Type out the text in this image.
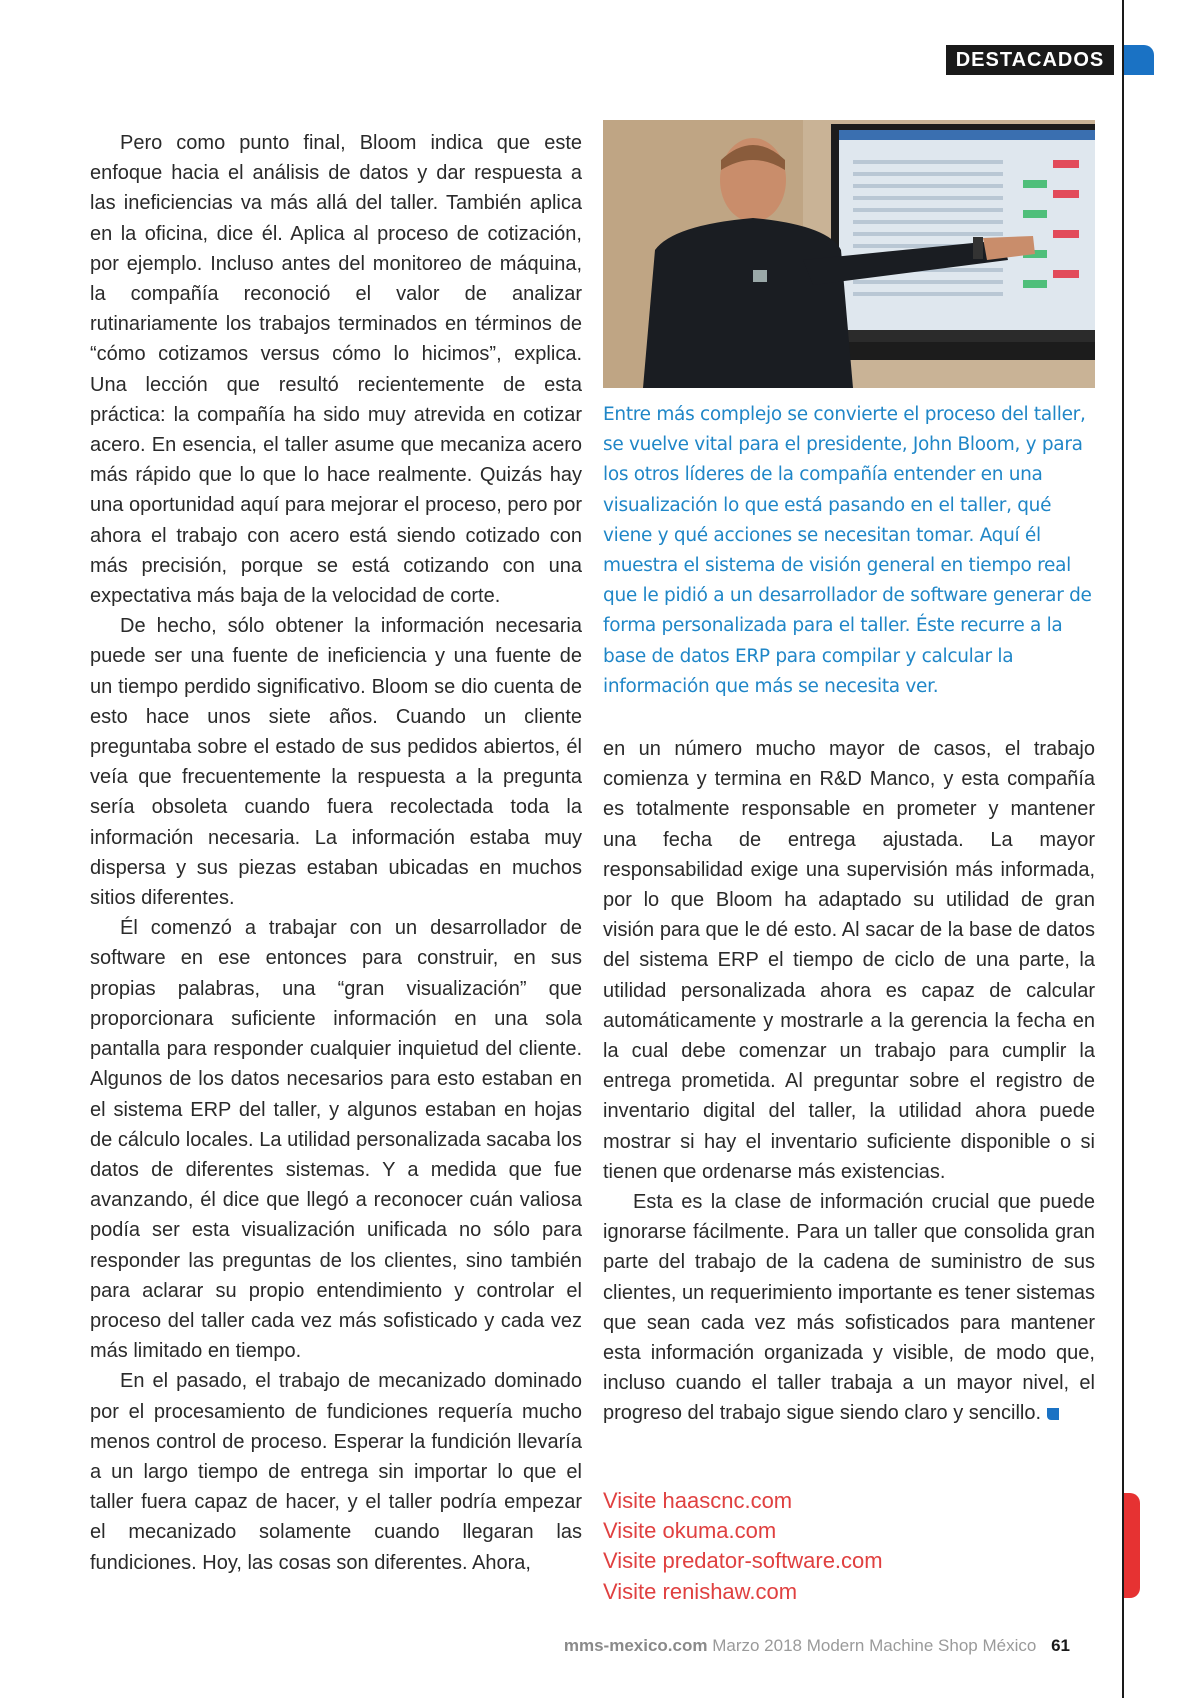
DESTACADOS

Pero como punto final, Bloom indica que este enfoque hacia el análisis de datos y dar respuesta a las ineficiencias va más allá del taller. También aplica en la oficina, dice él. Aplica al proceso de cotización, por ejemplo. Incluso antes del monitoreo de máquina, la compañía reconoció el valor de analizar rutinariamente los trabajos terminados en términos de “cómo cotizamos versus cómo lo hicimos”, explica. Una lección que resultó recientemente de esta práctica: la compañía ha sido muy atrevida en cotizar acero. En esencia, el taller asume que mecaniza acero más rápido que lo que lo hace realmente. Quizás hay una oportunidad aquí para mejorar el proceso, pero por ahora el trabajo con acero está siendo cotizado con más precisión, porque se está cotizando con una expectativa más baja de la velocidad de corte.

De hecho, sólo obtener la información necesaria puede ser una fuente de ineficiencia y una fuente de un tiempo perdido significativo. Bloom se dio cuenta de esto hace unos siete años. Cuando un cliente preguntaba sobre el estado de sus pedidos abiertos, él veía que frecuentemente la respuesta a la pregunta sería obsoleta cuando fuera recolectada toda la información necesaria. La información estaba muy dispersa y sus piezas estaban ubicadas en muchos sitios diferentes.

Él comenzó a trabajar con un desarrollador de software en ese entonces para construir, en sus propias palabras, una “gran visualización” que proporcionara suficiente información en una sola pantalla para responder cualquier inquietud del cliente. Algunos de los datos necesarios para esto estaban en el sistema ERP del taller, y algunos estaban en hojas de cálculo locales. La utilidad personalizada sacaba los datos de diferentes sistemas. Y a medida que fue avanzando, él dice que llegó a reconocer cuán valiosa podía ser esta visualización unificada no sólo para responder las preguntas de los clientes, sino también para aclarar su propio entendimiento y controlar el proceso del taller cada vez más sofisticado y cada vez más limitado en tiempo.

En el pasado, el trabajo de mecanizado dominado por el procesamiento de fundiciones requería mucho menos control de proceso. Esperar la fundición llevaría a un largo tiempo de entrega sin importar lo que el taller fuera capaz de hacer, y el taller podría empezar el mecanizado solamente cuando llegaran las fundiciones. Hoy, las cosas son diferentes. Ahora,

Entre más complejo se convierte el proceso del taller, se vuelve vital para el presidente, John Bloom, y para los otros líderes de la compañía entender en una visualización lo que está pasando en el taller, qué viene y qué acciones se necesitan tomar. Aquí él muestra el sistema de visión general en tiempo real que le pidió a un desarrollador de software generar de forma personalizada para el taller. Éste recurre a la base de datos ERP para compilar y calcular la información que más se necesita ver.

en un número mucho mayor de casos, el trabajo comienza y termina en R&D Manco, y esta compañía es totalmente responsable en prometer y mantener una fecha de entrega ajustada. La mayor responsabilidad exige una supervisión más informada, por lo que Bloom ha adaptado su utilidad de gran visión para que le dé esto. Al sacar de la base de datos del sistema ERP el tiempo de ciclo de una parte, la utilidad personalizada ahora es capaz de calcular automáticamente y mostrarle a la gerencia la fecha en la cual debe comenzar un trabajo para cumplir la entrega prometida. Al preguntar sobre el registro de inventario digital del taller, la utilidad ahora puede mostrar si hay el inventario suficiente disponible o si tienen que ordenarse más existencias.

Esta es la clase de información crucial que puede ignorarse fácilmente. Para un taller que consolida gran parte del trabajo de la cadena de suministro de sus clientes, un requerimiento importante es tener sistemas que sean cada vez más sofisticados para mantener esta información organizada y visible, de modo que, incluso cuando el taller trabaja a un mayor nivel, el progreso del trabajo sigue siendo claro y sencillo.

Visite haascnc.com
Visite okuma.com
Visite predator-software.com
Visite renishaw.com
mms-mexico.com Marzo 2018 Modern Machine Shop México 61
